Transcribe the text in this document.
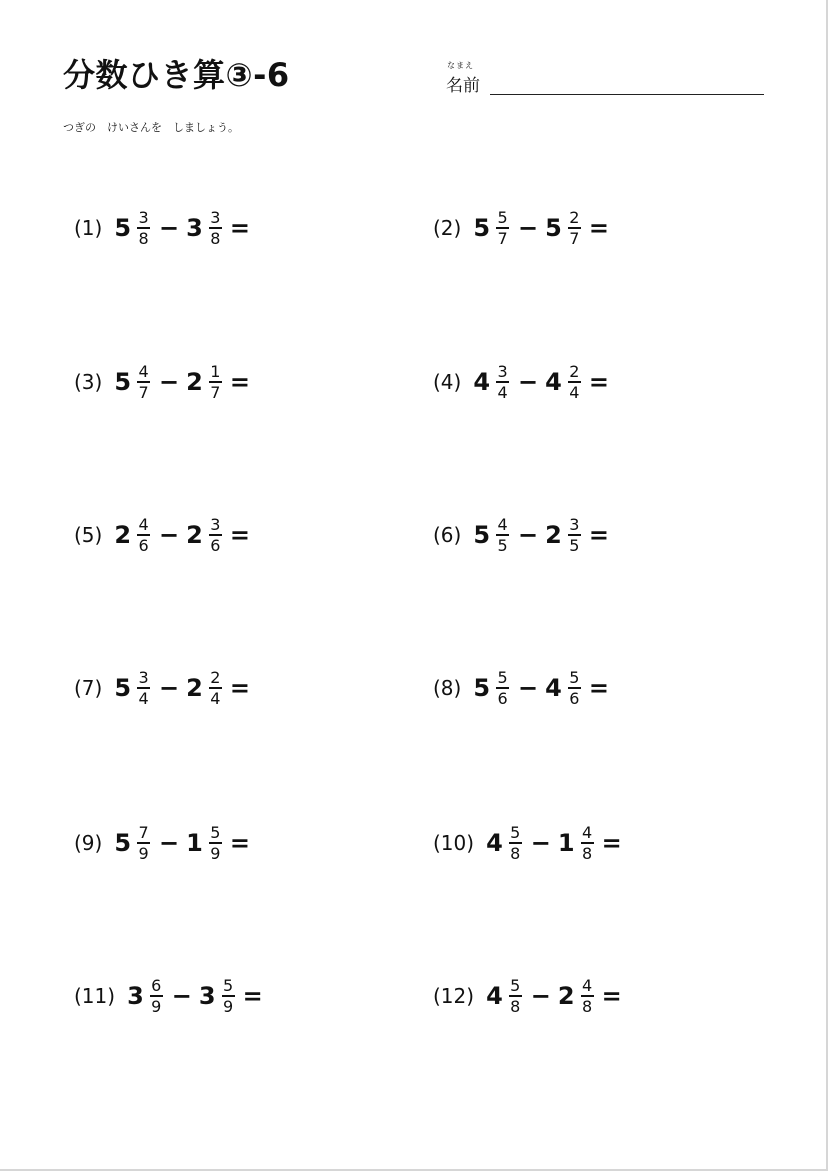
分数ひき算③-6	なまえ
名前
つぎの　けいさんを　しましょう。
(1) $5 \frac{3}{8} - 3 \frac{3}{8}$ =	(2) $5 \frac{5}{7} - 5 \frac{2}{7}$ =
(3) $5 \frac{4}{7} - 2 \frac{1}{7}$ =	(4) $4 \frac{3}{4} - 4 \frac{2}{4}$ =
(5) $2 \frac{4}{6} - 2 \frac{3}{6}$ =	(6) $5 \frac{4}{5} - 2 \frac{3}{5}$ =
(7) $5 \frac{3}{4} - 2 \frac{2}{4}$ =	(8) $5 \frac{5}{6} - 4 \frac{5}{6}$ =
(9) $5 \frac{7}{9} - 1 \frac{5}{9}$ =	(10) $4 \frac{5}{8} - 1 \frac{4}{8}$ =
(11) $3 \frac{6}{9} - 3 \frac{5}{9}$ =	(12) $4 \frac{5}{8} - 2 \frac{4}{8}$ =
